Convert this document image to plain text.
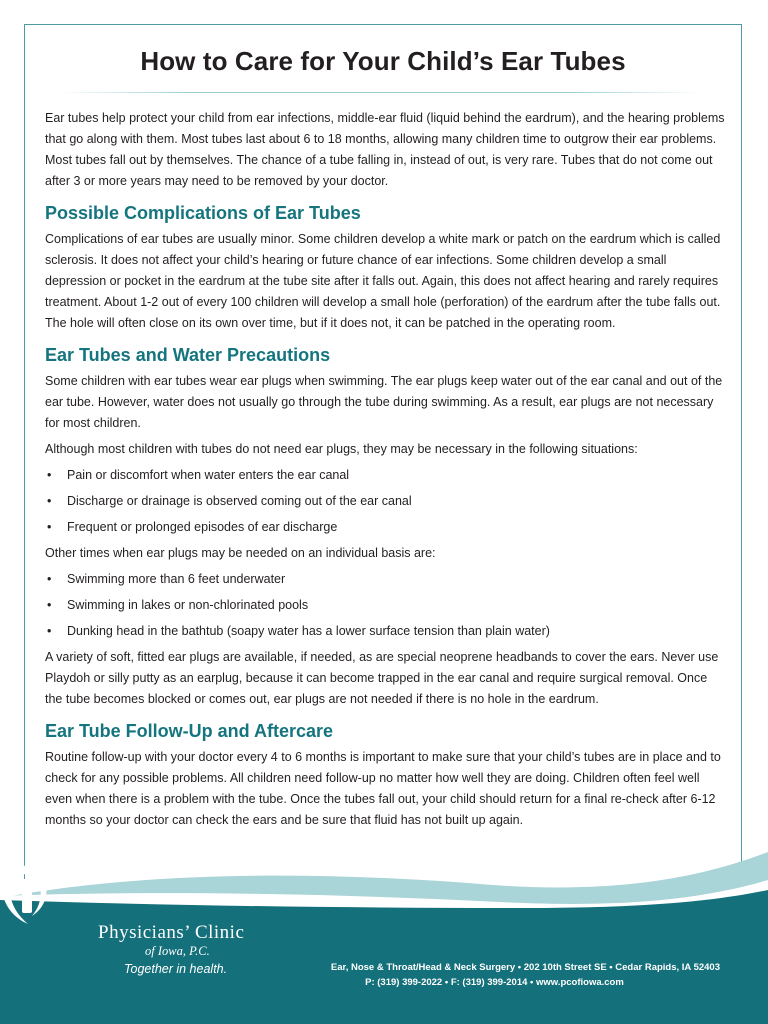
How to Care for Your Child’s Ear Tubes

Ear tubes help protect your child from ear infections, middle-ear fluid (liquid behind the eardrum), and the hearing problems that go along with them. Most tubes last about 6 to 18 months, allowing many children time to outgrow their ear problems. Most tubes fall out by themselves. The chance of a tube falling in, instead of out, is very rare. Tubes that do not come out after 3 or more years may need to be removed by your doctor.

Possible Complications of Ear Tubes

Complications of ear tubes are usually minor. Some children develop a white mark or patch on the eardrum which is called sclerosis. It does not affect your child’s hearing or future chance of ear infections. Some children develop a small depression or pocket in the eardrum at the tube site after it falls out. Again, this does not affect hearing and rarely requires treatment. About 1-2 out of every 100 children will develop a small hole (perforation) of the eardrum after the tube falls out. The hole will often close on its own over time, but if it does not, it can be patched in the operating room.

Ear Tubes and Water Precautions

Some children with ear tubes wear ear plugs when swimming. The ear plugs keep water out of the ear canal and out of the ear tube. However, water does not usually go through the tube during swimming. As a result, ear plugs are not necessary for most children.

Although most children with tubes do not need ear plugs, they may be necessary in the following situations:

• Pain or discomfort when water enters the ear canal
• Discharge or drainage is observed coming out of the ear canal
• Frequent or prolonged episodes of ear discharge

Other times when ear plugs may be needed on an individual basis are:

• Swimming more than 6 feet underwater
• Swimming in lakes or non-chlorinated pools
• Dunking head in the bathtub (soapy water has a lower surface tension than plain water)

A variety of soft, fitted ear plugs are available, if needed, as are special neoprene headbands to cover the ears. Never use Playdoh or silly putty as an earplug, because it can become trapped in the ear canal and require surgical removal. Once the tube becomes blocked or comes out, ear plugs are not needed if there is no hole in the eardrum.

Ear Tube Follow-Up and Aftercare

Routine follow-up with your doctor every 4 to 6 months is important to make sure that your child’s tubes are in place and to check for any possible problems. All children need follow-up no matter how well they are doing. Children often feel well even when there is a problem with the tube. Once the tubes fall out, your child should return for a final re-check after 6-12 months so your doctor can check the ears and be sure that fluid has not built up again.

Physicians’ Clinic
of Iowa, P.C.
Together in health.	Ear, Nose & Throat/Head & Neck Surgery • 202 10th Street SE • Cedar Rapids, IA 52403

P: (319) 399-2022 • F: (319) 399-2014 • www.pcofiowa.com
